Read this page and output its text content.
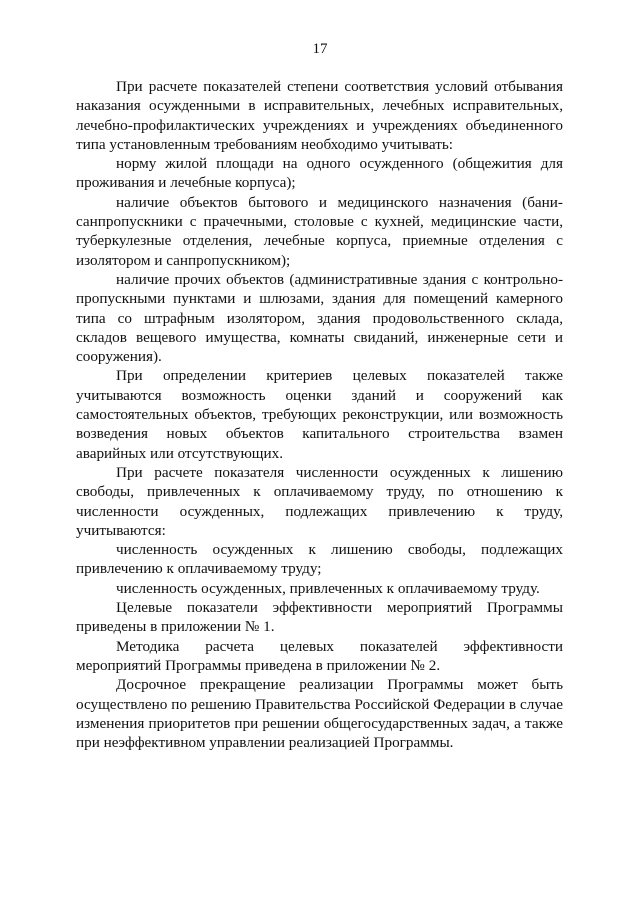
17

При расчете показателей степени соответствия условий отбывания наказания осужденными в исправительных, лечебных исправительных, лечебно-профилактических учреждениях и учреждениях объединенного типа установленным требованиям необходимо учитывать:

норму жилой площади на одного осужденного (общежития для проживания и лечебные корпуса);

наличие объектов бытового и медицинского назначения (бани-санпропускники с прачечными, столовые с кухней, медицинские части, туберкулезные отделения, лечебные корпуса, приемные отделения с изолятором и санпропускником);

наличие прочих объектов (административные здания с контрольно-пропускными пунктами и шлюзами, здания для помещений камерного типа со штрафным изолятором, здания продовольственного склада, складов вещевого имущества, комнаты свиданий, инженерные сети и сооружения).

При определении критериев целевых показателей также учитываются возможность оценки зданий и сооружений как самостоятельных объектов, требующих реконструкции, или возможность возведения новых объектов капитального строительства взамен аварийных или отсутствующих.

При расчете показателя численности осужденных к лишению свободы, привлеченных к оплачиваемому труду, по отношению к численности осужденных, подлежащих привлечению к труду, учитываются:

численность осужденных к лишению свободы, подлежащих привлечению к оплачиваемому труду;

численность осужденных, привлеченных к оплачиваемому труду.

Целевые показатели эффективности мероприятий Программы приведены в приложении № 1.

Методика расчета целевых показателей эффективности мероприятий Программы приведена в приложении № 2.

Досрочное прекращение реализации Программы может быть осуществлено по решению Правительства Российской Федерации в случае изменения приоритетов при решении общегосударственных задач, а также при неэффективном управлении реализацией Программы.
